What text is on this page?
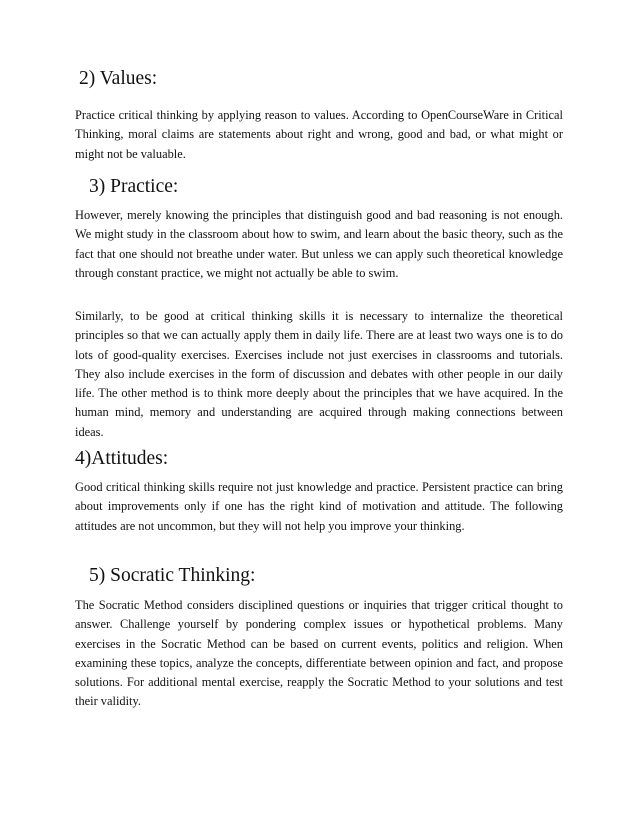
2) Values:

Practice critical thinking by applying reason to values. According to OpenCourseWare in Critical Thinking, moral claims are statements about right and wrong, good and bad, or what might or might not be valuable.

3) Practice:

However, merely knowing the principles that distinguish good and bad reasoning is not enough. We might study in the classroom about how to swim, and learn about the basic theory, such as the fact that one should not breathe under water. But unless we can apply such theoretical knowledge through constant practice, we might not actually be able to swim.

Similarly, to be good at critical thinking skills it is necessary to internalize the theoretical principles so that we can actually apply them in daily life. There are at least two ways one is to do lots of good-quality exercises. Exercises include not just exercises in classrooms and tutorials. They also include exercises in the form of discussion and debates with other people in our daily life. The other method is to think more deeply about the principles that we have acquired. In the human mind, memory and understanding are acquired through making connections between ideas.

4)Attitudes:

Good critical thinking skills require not just knowledge and practice. Persistent practice can bring about improvements only if one has the right kind of motivation and attitude. The following attitudes are not uncommon, but they will not help you improve your thinking.

5) Socratic Thinking:

The Socratic Method considers disciplined questions or inquiries that trigger critical thought to answer. Challenge yourself by pondering complex issues or hypothetical problems. Many exercises in the Socratic Method can be based on current events, politics and religion. When examining these topics, analyze the concepts, differentiate between opinion and fact, and propose solutions. For additional mental exercise, reapply the Socratic Method to your solutions and test their validity.
